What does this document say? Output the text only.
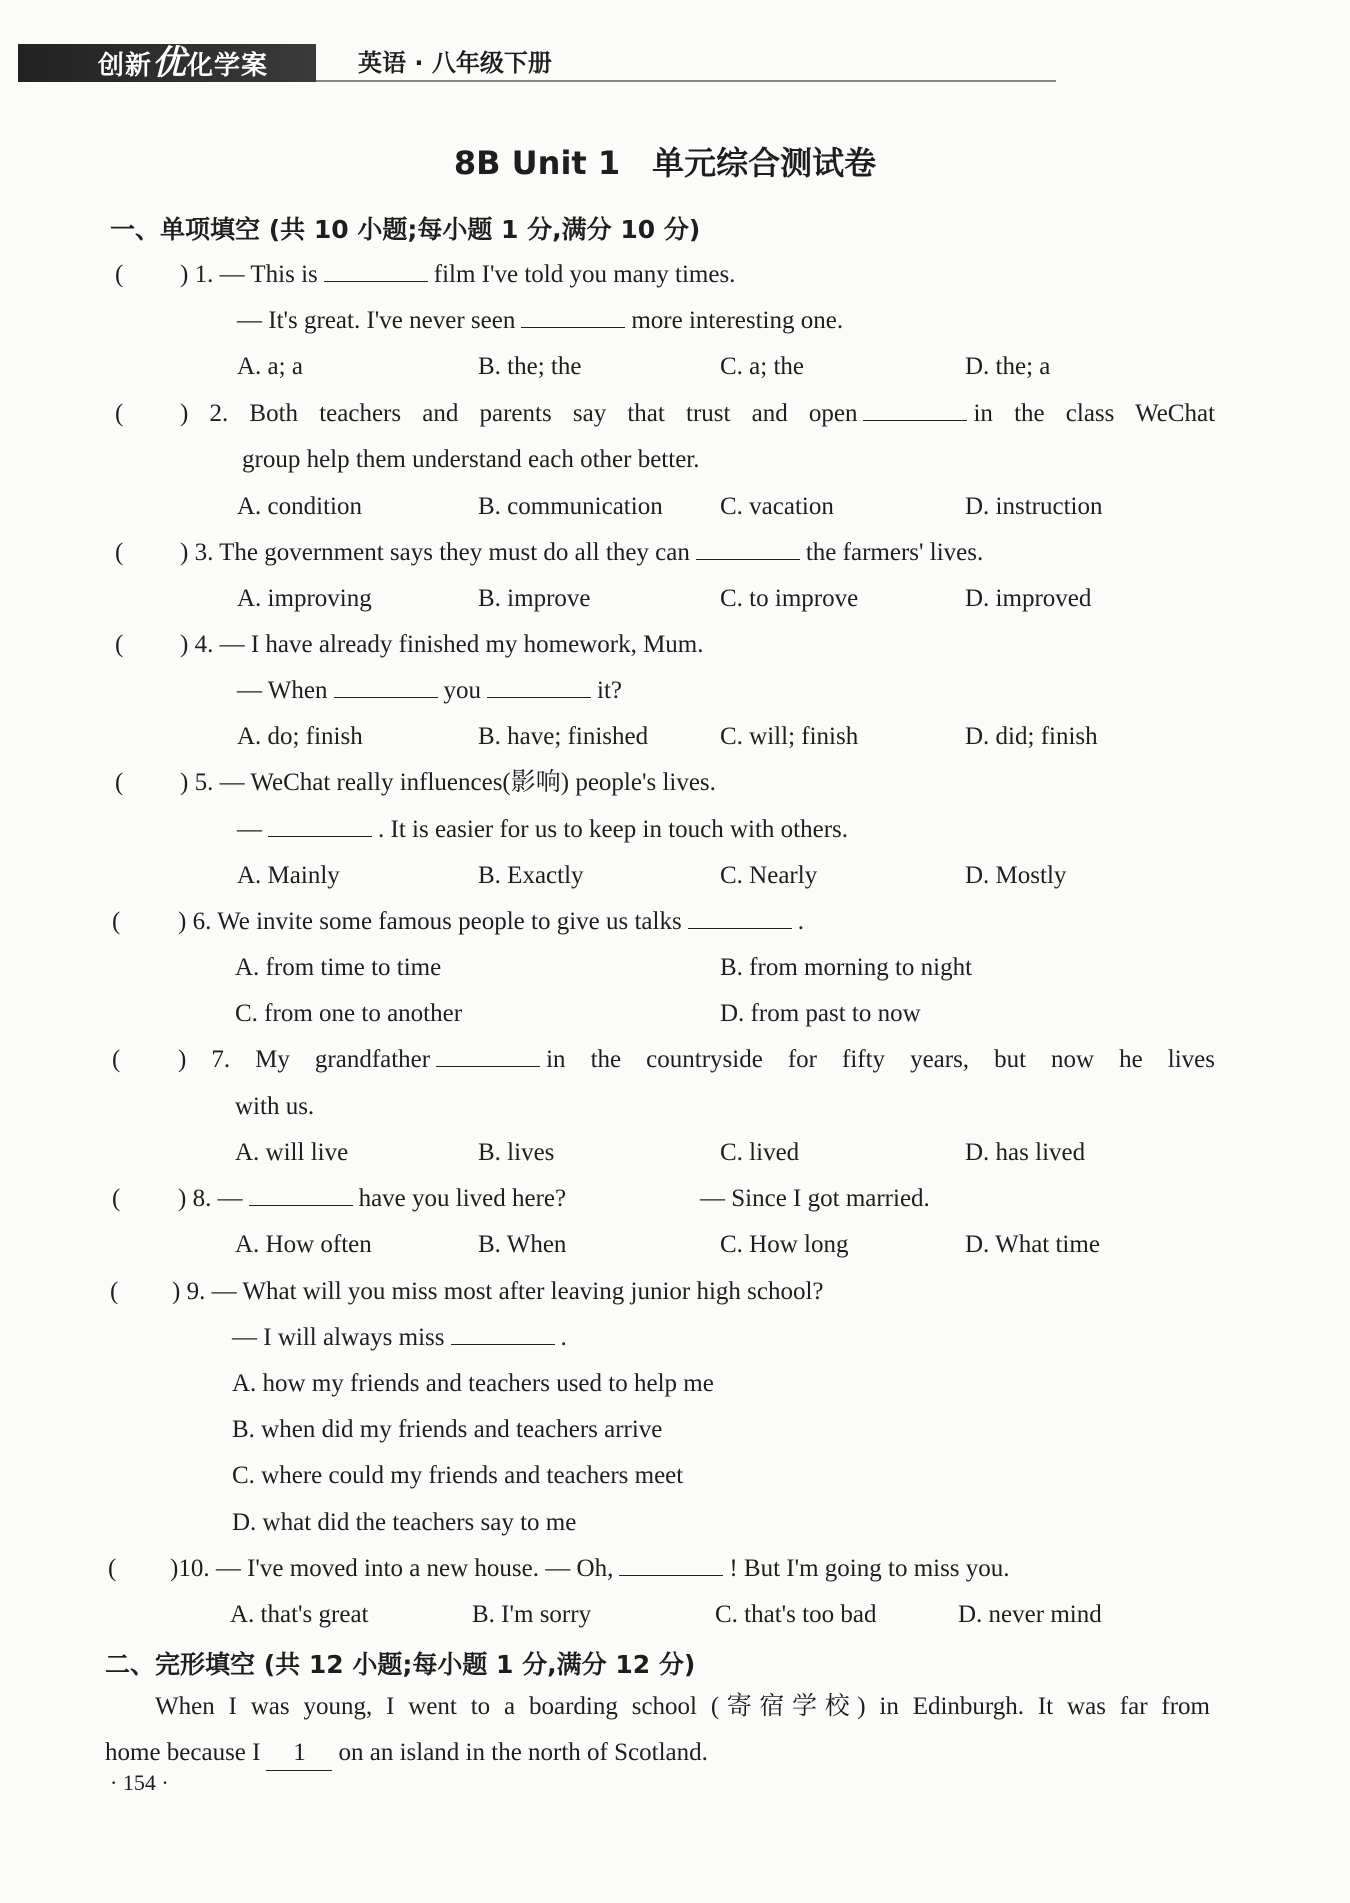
创新优化学案	英语 · 八年级下册
8B Unit 1　单元综合测试卷
一、单项填空 (共 10 小题;每小题 1 分,满分 10 分)
( ) 1. — This is	film I've told you many times.
— It's great. I've never seen	more interesting one.
A. a; a	B. the; the	C. a; the	D. the; a
( ) 2. Both teachers and parents say that trust and open	in the class WeChat
group help them understand each other better.
A. condition	B. communication C. vacation	D. instruction
( ) 3. The government says they must do all they can	the farmers' lives.
A. improving	B. improve	C. to improve	D. improved
( ) 4. — I have already finished my homework, Mum.
— When	you	it?
A. do; finish	B. have; finished	C. will; finish	D. did; finish
( ) 5. — WeChat really influences(影响) people's lives.
—	. It is easier for us to keep in touch with others.
A. Mainly	B. Exactly	C. Nearly	D. Mostly
( ) 6. We invite some famous people to give us talks	.
A. from time to time	B. from morning to night
C. from one to another	D. from past to now
( ) 7. My grandfather	in the countryside for fifty years, but now he lives
with us.
A. will live	B. lives	C. lived	D. has lived
( ) 8. —	have you lived here?	— Since I got married.
A. How often	B. When	C. How long	D. What time
( ) 9. — What will you miss most after leaving junior high school?
— I will always miss	.
A. how my friends and teachers used to help me
B. when did my friends and teachers arrive
C. where could my friends and teachers meet
D. what did the teachers say to me
( )10. — I've moved into a new house. — Oh,	! But I'm going to miss you.
A. that's great	B. I'm sorry	C. that's too bad	D. never mind
二、完形填空 (共 12 小题;每小题 1 分,满分 12 分)
When I was young, I went to a boarding school (寄宿学校) in Edinburgh. It was far from
home because I 1 on an island in the north of Scotland.
· 154 ·
